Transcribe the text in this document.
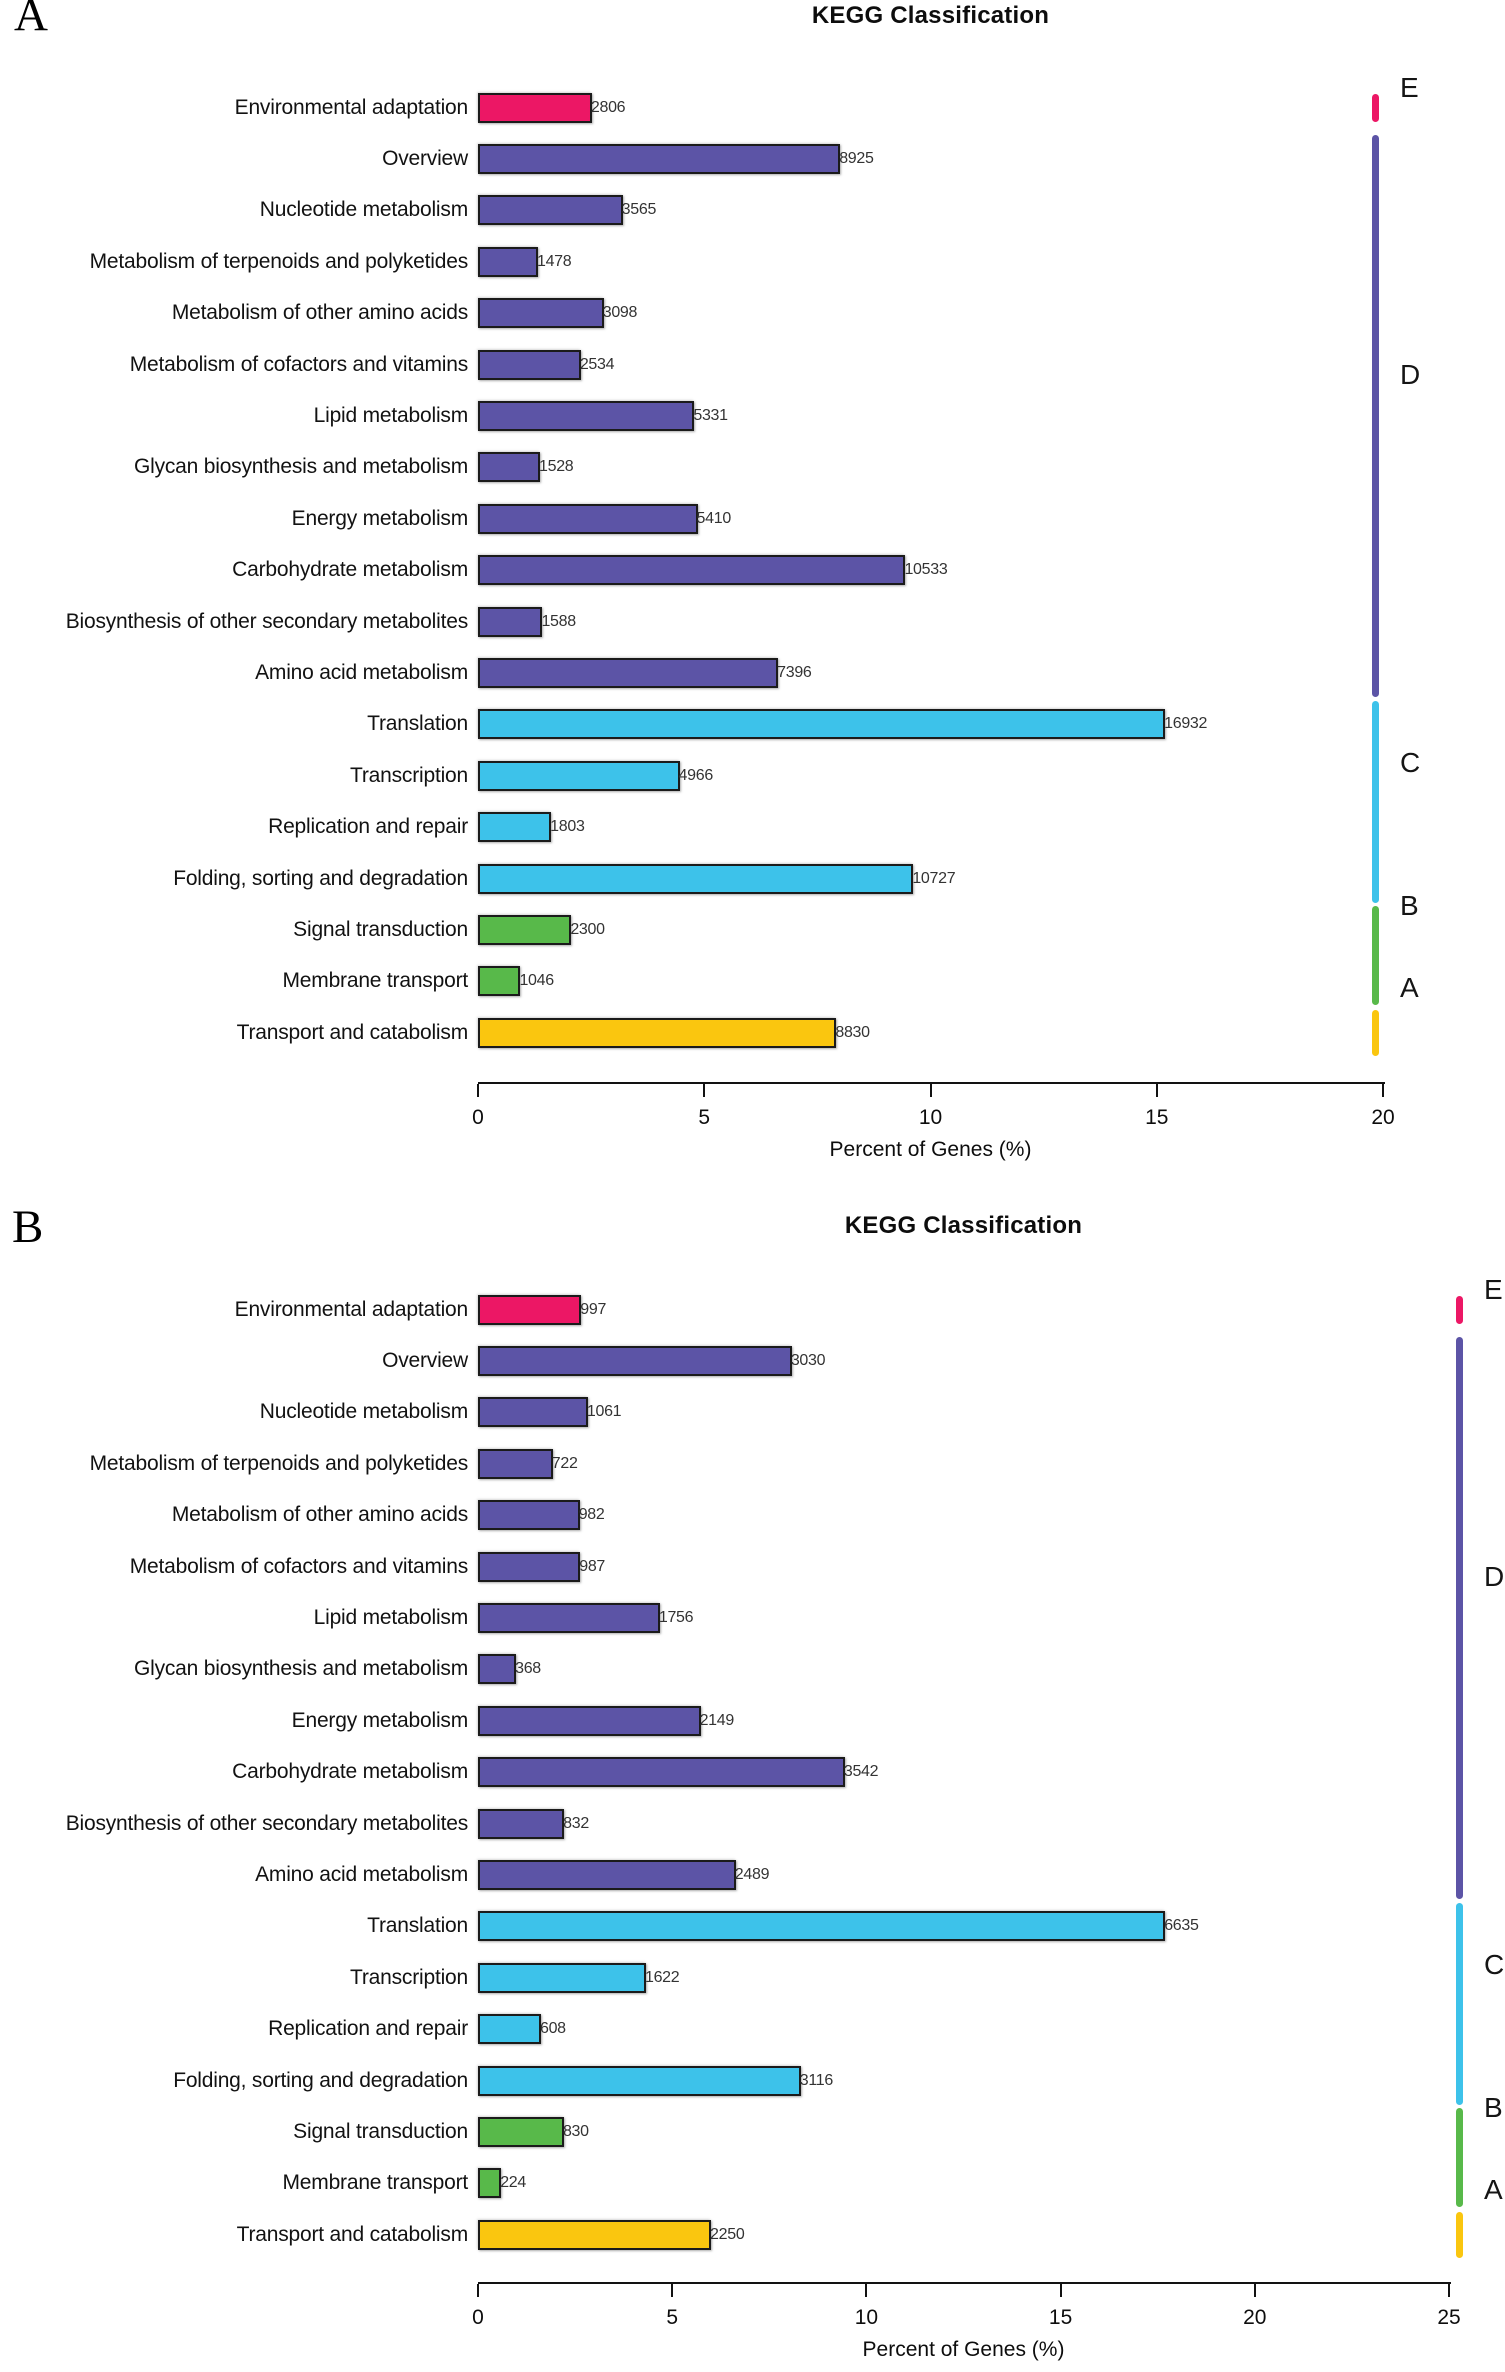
A	KEGG Classification
Environmental adaptation	2806
Overview	8925
Nucleotide metabolism	3565
Metabolism of terpenoids and polyketides	1478
Metabolism of other amino acids	3098
Metabolism of cofactors and vitamins	2534
Lipid metabolism	5331
Glycan biosynthesis and metabolism	1528
Energy metabolism	5410
Carbohydrate metabolism	10533
Biosynthesis of other secondary metabolites	1588
Amino acid metabolism	7396
Translation	16932
Transcription	4966
Replication and repair	1803
Folding, sorting and degradation	10727
Signal transduction	2300
Membrane transport	1046
Transport and catabolism	8830
0	5	10	15	20
Percent of Genes (%)
E
D
C
B
A
B	KEGG Classification
Environmental adaptation	997
Overview	3030
Nucleotide metabolism	1061
Metabolism of terpenoids and polyketides	722
Metabolism of other amino acids	982
Metabolism of cofactors and vitamins	987
Lipid metabolism	1756
Glycan biosynthesis and metabolism	368
Energy metabolism	2149
Carbohydrate metabolism	3542
Biosynthesis of other secondary metabolites	832
Amino acid metabolism	2489
Translation	6635
Transcription	1622
Replication and repair	608
Folding, sorting and degradation	3116
Signal transduction	830
Membrane transport 224
Transport and catabolism	2250
0	5	10	15	20	25
Percent of Genes (%)
E
D
C
B
A
